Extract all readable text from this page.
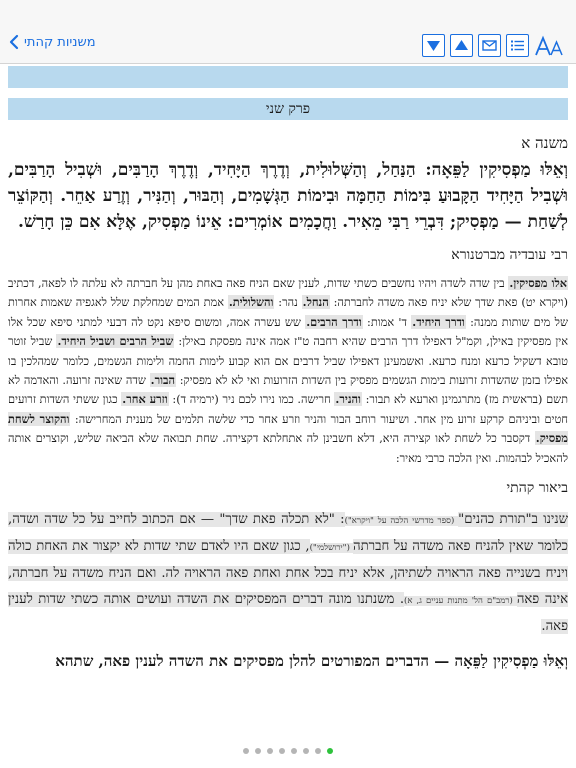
משניות קהתי
פרק שני
משנה א
וְאֵלּוּ מַפְסִיקִין לַפֵּאָה: הַנַּחַל, וְהַשְּׁלוּלִית, וְדֶרֶךְ הַיָּחִיד, וְדֶרֶךְ הָרַבִּים, וּשְׁבִיל הָרַבִּים, וּשְׁבִיל הַיָּחִיד הַקָּבוּעַ בִּימוֹת הַחַמָּה וּבִימוֹת הַגְּשָׁמִים, וְהַבּוּר, וְהַנִּיר, וְזֶרַע אַחֵר. וְהַקּוֹצֵר לְשַׁחַת — מַפְסִיק; דִּבְרֵי רַבִּי מֵאִיר. וַחֲכָמִים אוֹמְרִים: אֵינוֹ מַפְסִיק, אֶלָּא אִם כֵּן חָרַשׁ.
רבי עובדיה מברטנורא
אלו מפסיקין. בין שדה לשדה ויהיו נחשבים כשתי שדות, לענין שאם הניח פאה באחת מהן על חברתה לא עלתה לו לפאה, דכתיב (ויקרא יט) פאת שדך שלא יניח פאה משדה לחברתה: הנחל. נהר: והשלולית. אמת המים שמחלקת שלל לאגפיה שאמות אחרות של מים שותות ממנה: ודרך היחיד. ד' אמות: ודרך הרבים. שש עשרה אמה, ומשום סיפא נקט לה דבעי למתני סיפא שכל אלו אין מפסיקין באילן, וקמ"ל דאפילו דרך הרבים שהיא רחבה ט"ז אמה אינה מפסקת באילן: שביל הרבים ושביל היחיד. שביל זוטר טובא דשקיל כרעא ומנח כרעא. ואשמעינן דאפילו שביל דרבים אם הוא קבוע לימות החמה ולימות הגשמים, כלומר שמהלכין בו אפילו בזמן שהשדות זרועות בימות הגשמים מפסיק בין השדות הזרועות ואי לא לא מפסיק: הבור. שדה שאינה זרועה. והאדמה לא תשם (בראשית מז) מתרגמינן וארעא לא תבור: והניר. חרישה. כמו נירו לכם ניר (ירמיה ד): וזרע אחר. כגון ששתי השדות זרועים חטים וביניהם קרקע זרוע מין אחר. ושיעור רוחב הבור והניר וזרע אחר כדי שלשה תלמים של מענית המחרישה: והקוצר לשחת מפסיק. דקסבר כל לשחת לאו קצירה היא, דלא חשבינן לה אתחלתא דקצירה. שחת תבואה שלא הביאה שליש, וקוצרים אותה להאכיל לבהמות. ואין הלכה כרבי מאיר:
ביאור קהתי
שנינו ב"תורת כהנים" (ספר מדרשי הלכה על "ויקרא"): "לא תכלה פאת שדך" — אם הכתוב לחייב על כל שדה ושדה, כלומר שאין להניח פאה משדה על חברתה ("ירושלמי"), כגון שאם היו לאדם שתי שדות לא יקצור את האחת כולה ויניח בשנייה פאה הראויה לשתיהן, אלא יניח בכל אחת ואחת פאה הראויה לה. ואם הניח משדה על חברתה, אינה פאה (רמב"ם הל' מתנות עניים ג, א). משנתנו מונה דברים המפסיקים את השדה ועושים אותה כשתי שדות לענין פאה.
וְאֵלּוּ מַפְסִיקִין לַפֵּאָה — הדברים המפורטים להלן מפסיקים את השדה לענין פאה, שתהא
